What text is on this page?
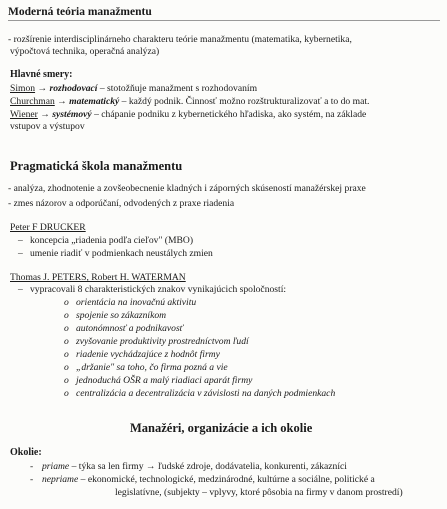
Moderná teória manažmentu
- rozšírenie interdisciplinárneho charakteru teórie manažmentu (matematika, kybernetika,
výpočtová technika, operačná analýza)
Hlavné smery:
Simon → rozhodovací – stotožňuje manažment s rozhodovaním
Churchman → matematický – každý podnik. Činnosť možno rozštrukturalizovať a to do mat.
Wiener → systémový – chápanie podniku z kybernetického hľadiska, ako systém, na základe
vstupov a výstupov
Pragmatická škola manažmentu
- analýza, zhodnotenie a zovšeobecnenie kladných i záporných skúseností manažérskej praxe
- zmes názorov a odporúčaní, odvodených z praxe riadenia
Peter F DRUCKER
– koncepcia „riadenia podľa cieľov" (MBO)
– umenie riadiť v podmienkach neustálych zmien
Thomas J. PETERS, Robert H. WATERMAN
– vypracovali 8 charakteristických znakov vynikajúcich spoločností:
o orientácia na inovačnú aktivitu
o spojenie so zákazníkom
o autonómnosť a podnikavosť
o zvyšovanie produktivity prostredníctvom ľudí
o riadenie vychádzajúce z hodnôt firmy
o „držanie" sa toho, čo firma pozná a vie
o jednoduchá OŠR a malý riadiaci aparát firmy
o centralizácia a decentralizácia v závislosti na daných podmienkach
Manažéri, organizácie a ich okolie
Okolie:
- priame – týka sa len firmy → ľudské zdroje, dodávatelia, konkurenti, zákazníci
- nepriame – ekonomické, technologické, medzinárodné, kultúrne a sociálne, politické a
legislatívne, (subjekty – vplyvy, ktoré pôsobia na firmy v danom prostredí)
